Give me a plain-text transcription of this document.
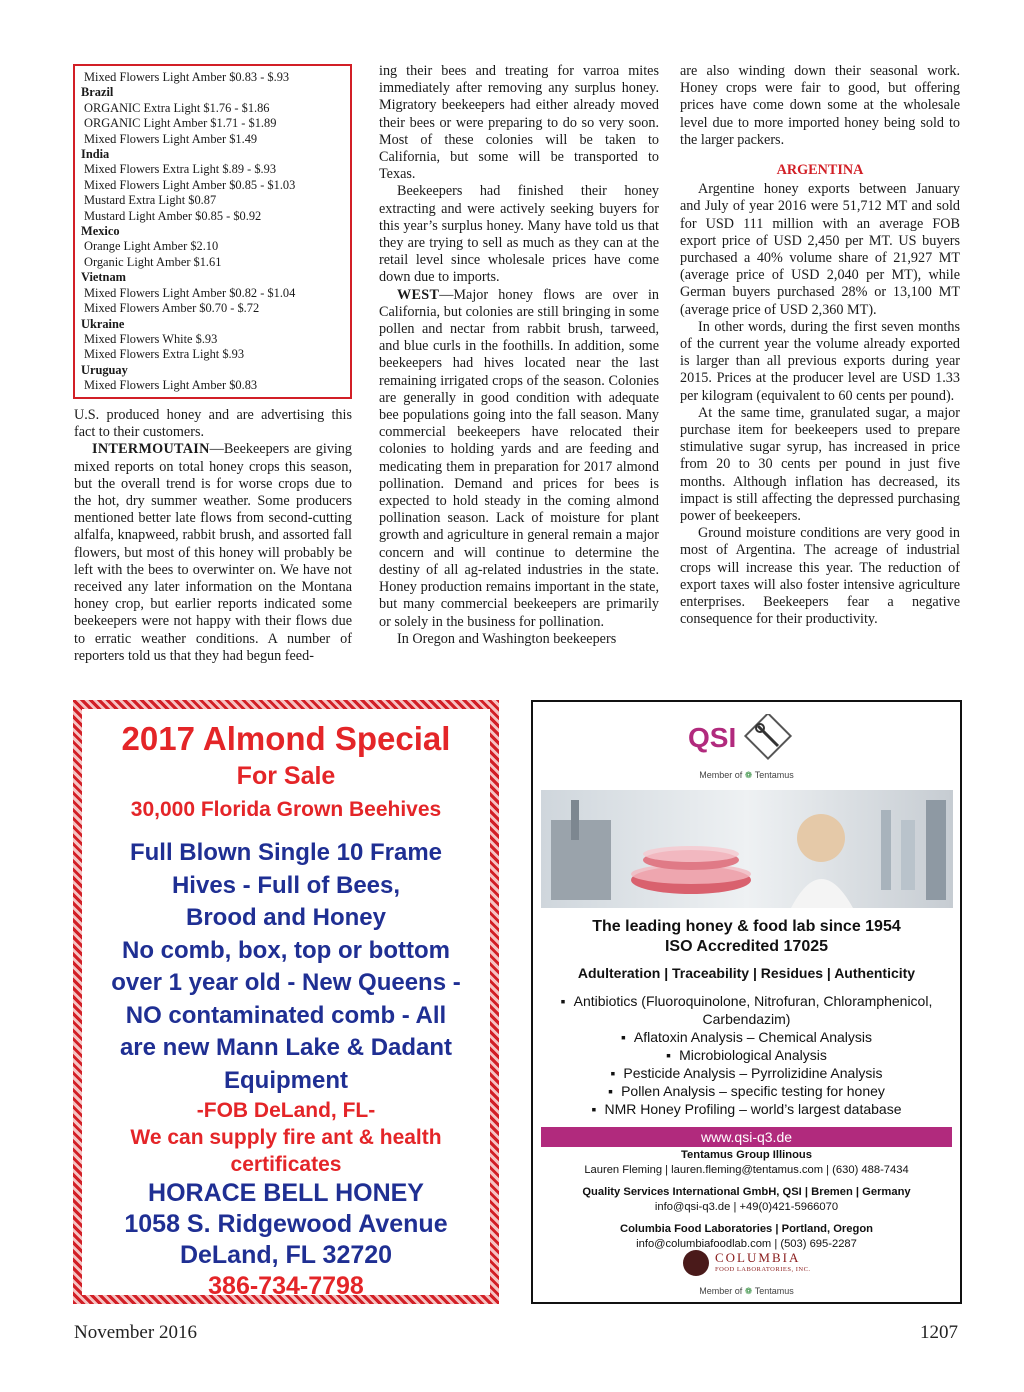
Mixed Flowers Light Amber $0.83 - $.93
Brazil
ORGANIC Extra Light $1.76 - $1.86
ORGANIC Light Amber $1.71 - $1.89
Mixed Flowers Light Amber $1.49
India
Mixed Flowers Extra Light $.89 - $.93
Mixed Flowers Light Amber $0.85 - $1.03
Mustard Extra Light $0.87
Mustard Light Amber $0.85 - $0.92
Mexico
Orange Light Amber $2.10
Organic Light Amber $1.61
Vietnam
Mixed Flowers Light Amber $0.82 - $1.04
Mixed Flowers Amber $0.70 - $.72
Ukraine
Mixed Flowers White $.93
Mixed Flowers Extra Light $.93
Uruguay
Mixed Flowers Light Amber $0.83

U.S. produced honey and are advertising this fact to their customers.

INTERMOUTAIN—Beekeepers are giving mixed reports on total honey crops this season, but the overall trend is for worse crops due to the hot, dry summer weather. Some producers mentioned better late flows from second-cutting alfalfa, knapweed, rabbit brush, and assorted fall flowers, but most of this honey will probably be left with the bees to overwinter on. We have not received any later information on the Montana honey crop, but earlier reports indicated some beekeepers were not happy with their flows due to erratic weather conditions. A number of reporters told us that they had begun feed-

ing their bees and treating for varroa mites immediately after removing any surplus honey. Migratory beekeepers had either already moved their bees or were preparing to do so very soon. Most of these colonies will be taken to California, but some will be transported to Texas.

Beekeepers had finished their honey extracting and were actively seeking buyers for this year’s surplus honey. Many have told us that they are trying to sell as much as they can at the retail level since wholesale prices have come down due to imports.

WEST—Major honey flows are over in California, but colonies are still bringing in some pollen and nectar from rabbit brush, tarweed, and blue curls in the foothills. In addition, some beekeepers had hives located near the last remaining irrigated crops of the season. Colonies are generally in good condition with adequate bee populations going into the fall season. Many commercial beekeepers have relocated their colonies to holding yards and are feeding and medicating them in preparation for 2017 almond pollination. Demand and prices for bees is expected to hold steady in the coming almond pollination season. Lack of moisture for plant growth and agriculture in general remain a major concern and will continue to determine the destiny of all ag-related industries in the state. Honey production remains important in the state, but many commercial beekeepers are primarily or solely in the business for pollination.

In Oregon and Washington beekeepers

are also winding down their seasonal work. Honey crops were fair to good, but offering prices have come down some at the wholesale level due to more imported honey being sold to the larger packers.

ARGENTINA

Argentine honey exports between January and July of year 2016 were 51,712 MT and sold for USD 111 million with an average FOB export price of USD 2,450 per MT. US buyers purchased a 40% volume share of 21,927 MT (average price of USD 2,040 per MT), while German buyers purchased 28% or 13,100 MT (average price of USD 2,360 MT).

In other words, during the first seven months of the current year the volume already exported is larger than all previous exports during year 2015. Prices at the producer level are USD 1.33 per kilogram (equivalent to 60 cents per pound).

At the same time, granulated sugar, a major purchase item for beekeepers used to prepare stimulative sugar syrup, has increased in price from 20 to 30 cents per pound in just five months. Although inflation has decreased, its impact is still affecting the depressed purchasing power of beekeepers.

Ground moisture conditions are very good in most of Argentina. The acreage of industrial crops will increase this year. The reduction of export taxes will also foster intensive agriculture enterprises. Beekeepers fear a negative consequence for their productivity.

2017 Almond Special
For Sale
30,000 Florida Grown Beehives
Full Blown Single 10 Frame
Hives - Full of Bees,
Brood and Honey
No comb, box, top or bottom
over 1 year old - New Queens -
NO contaminated comb - All
are new Mann Lake & Dadant
Equipment
-FOB DeLand, FL-
We can supply fire ant & health
certificates
HORACE BELL HONEY
1058 S. Ridgewood Avenue
DeLand, FL 32720
386-734-7798
QSI
Member of ❁ Tentamus
The leading honey & food lab since 1954
ISO Accredited 17025
Adulteration | Traceability | Residues | Authenticity
▪ Antibiotics (Fluoroquinolone, Nitrofuran, Chloramphenicol, Carbendazim)
▪ Aflatoxin Analysis – Chemical Analysis
▪ Microbiological Analysis
▪ Pesticide Analysis – Pyrrolizidine Analysis
▪ Pollen Analysis – specific testing for honey
▪ NMR Honey Profiling – world’s largest database
www.qsi-q3.de
Tentamus Group Illinous
Lauren Fleming | lauren.fleming@tentamus.com | (630) 488-7434
Quality Services International GmbH, QSI | Bremen | Germany
info@qsi-q3.de | +49(0)421-5966070
Columbia Food Laboratories | Portland, Oregon
info@columbiafoodlab.com | (503) 695-2287
COLUMBIA
FOOD LABORATORIES, INC.
Member of ❁ Tentamus
November 2016	1207
